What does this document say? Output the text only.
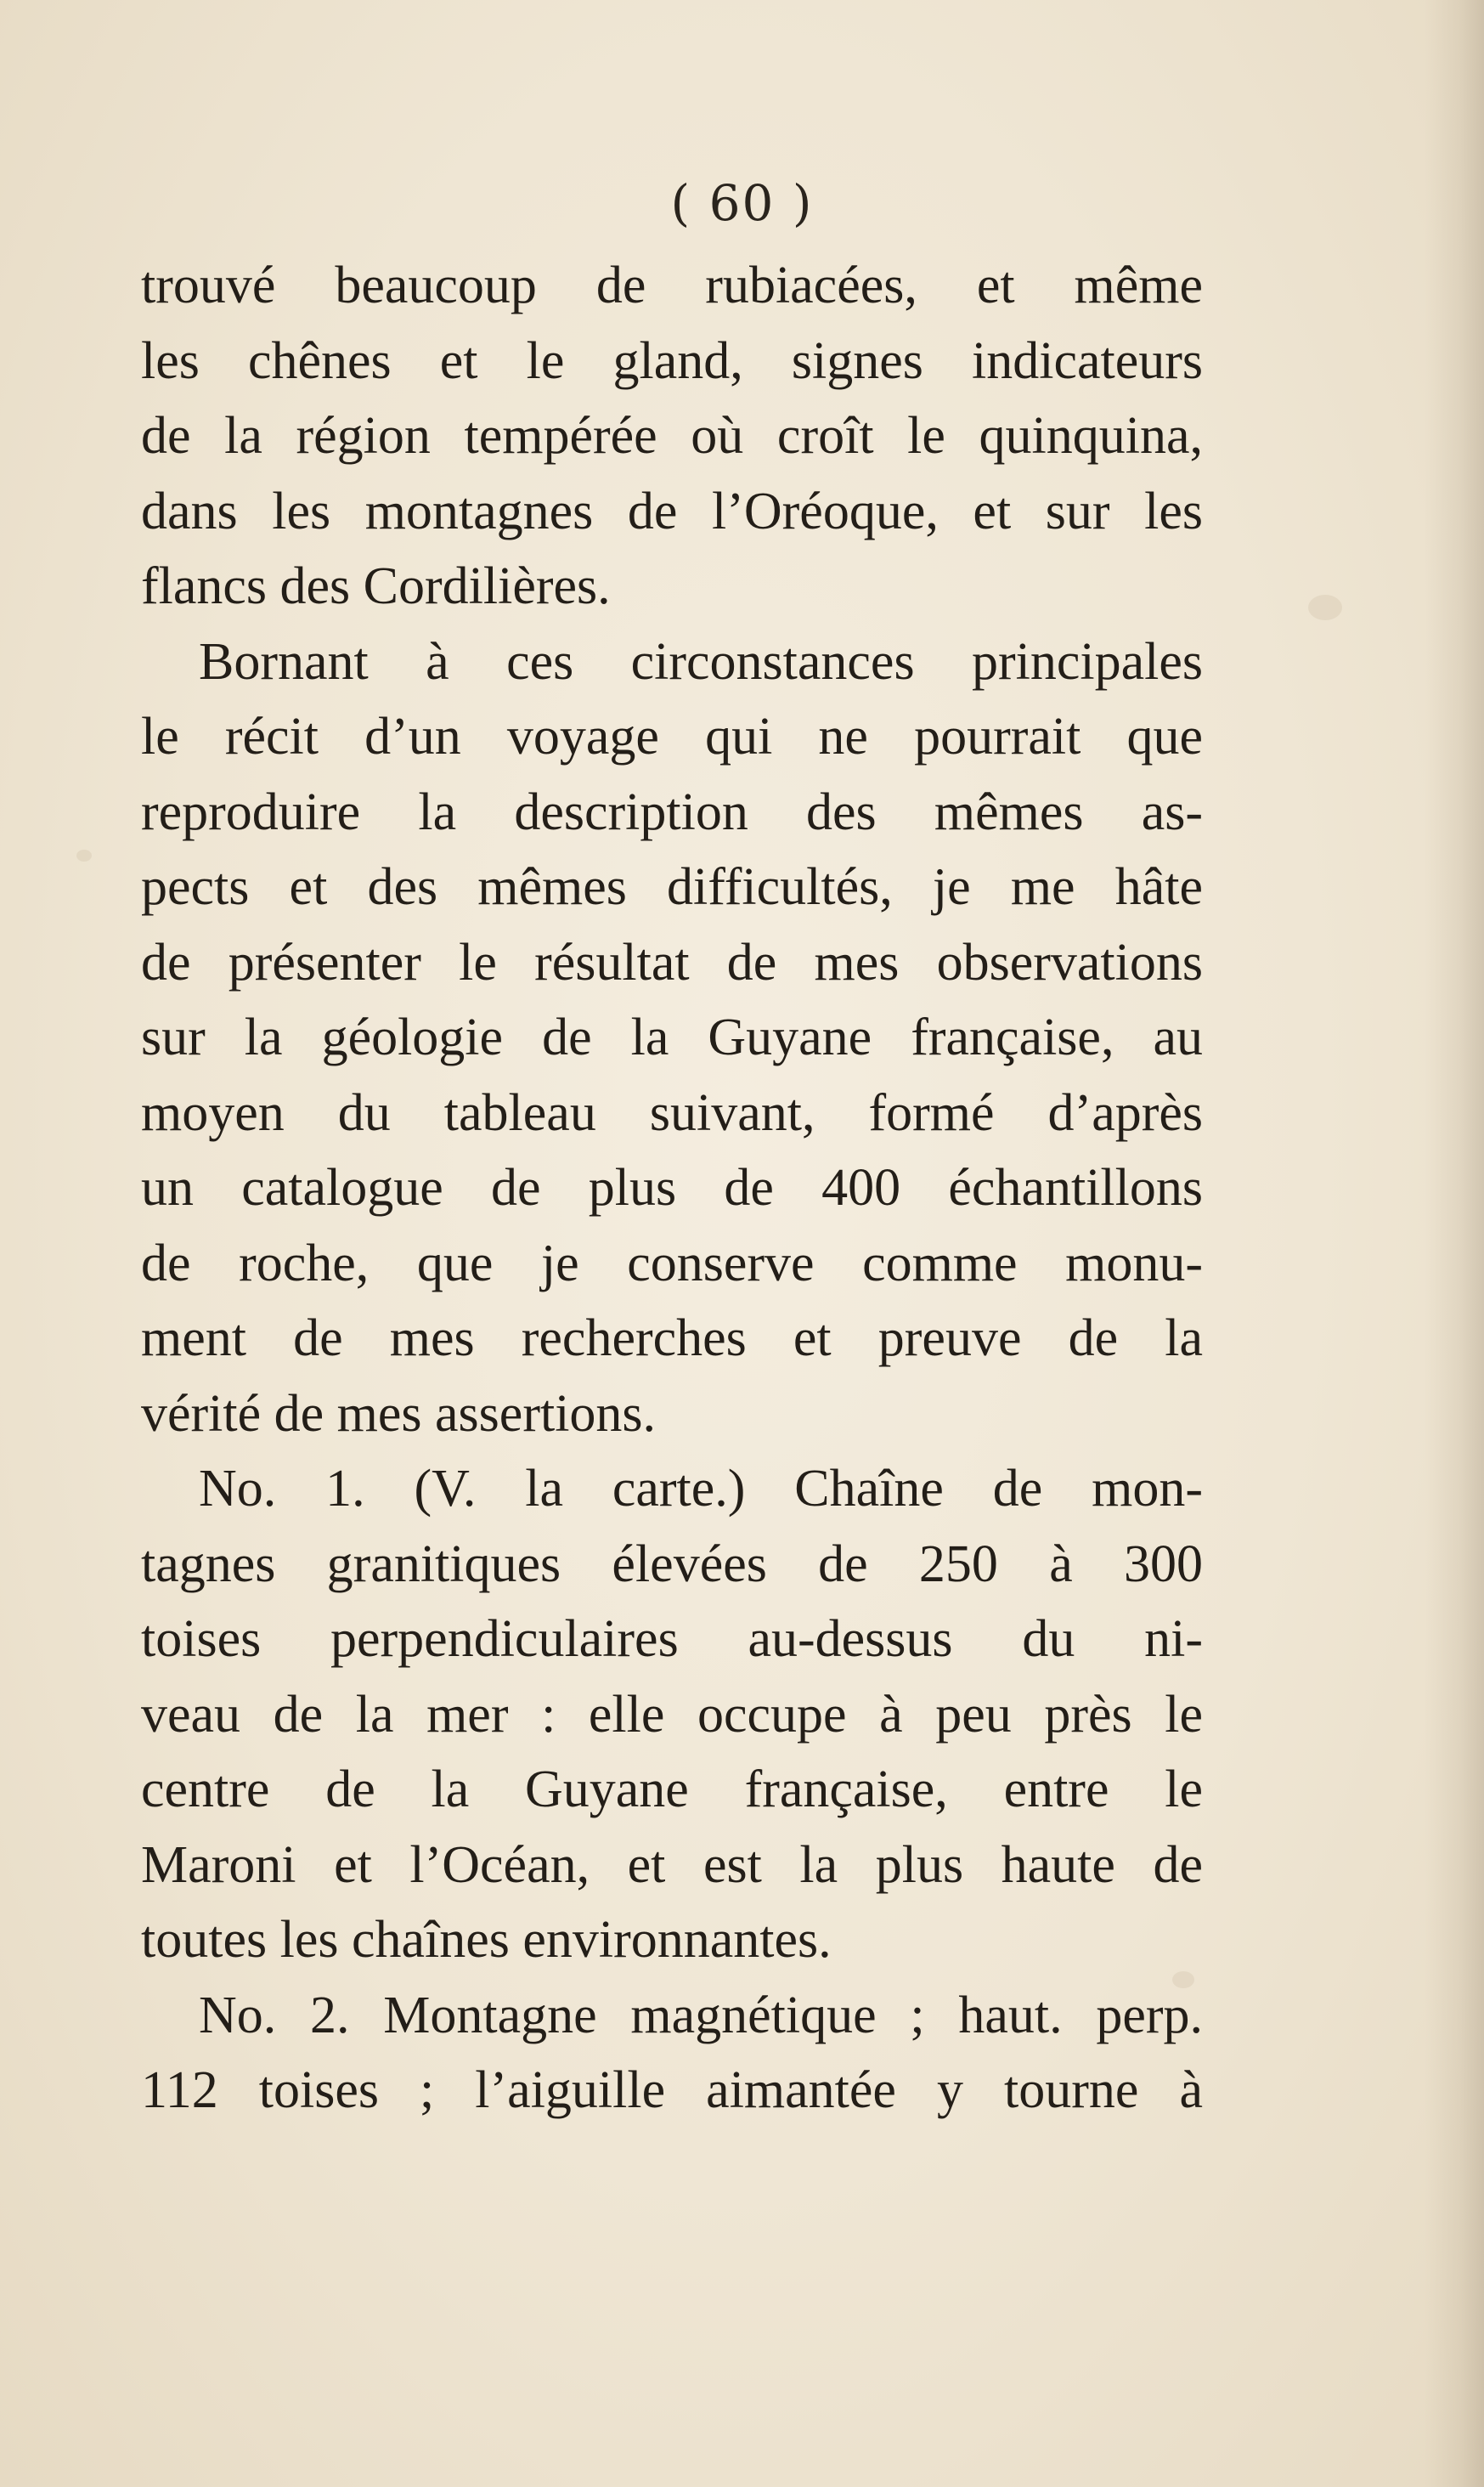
( 60 )
trouvé beaucoup de rubiacées, et même
les chênes et le gland, signes indicateurs
de la région tempérée où croît le quinquina,
dans les montagnes de l’Oréoque, et sur les
flancs des Cordilières.
Bornant à ces circonstances principales
le récit d’un voyage qui ne pourrait que
reproduire la description des mêmes as-
pects et des mêmes difficultés, je me hâte
de présenter le résultat de mes observations
sur la géologie de la Guyane française, au
moyen du tableau suivant, formé d’après
un catalogue de plus de 400 échantillons
de roche, que je conserve comme monu-
ment de mes recherches et preuve de la
vérité de mes assertions.
No. 1. (V. la carte.) Chaîne de mon-
tagnes granitiques élevées de 250 à 300
toises perpendiculaires au-dessus du ni-
veau de la mer : elle occupe à peu près le
centre de la Guyane française, entre le
Maroni et l’Océan, et est la plus haute de
toutes les chaînes environnantes.
No. 2. Montagne magnétique ; haut. perp.
112 toises ; l’aiguille aimantée y tourne à
